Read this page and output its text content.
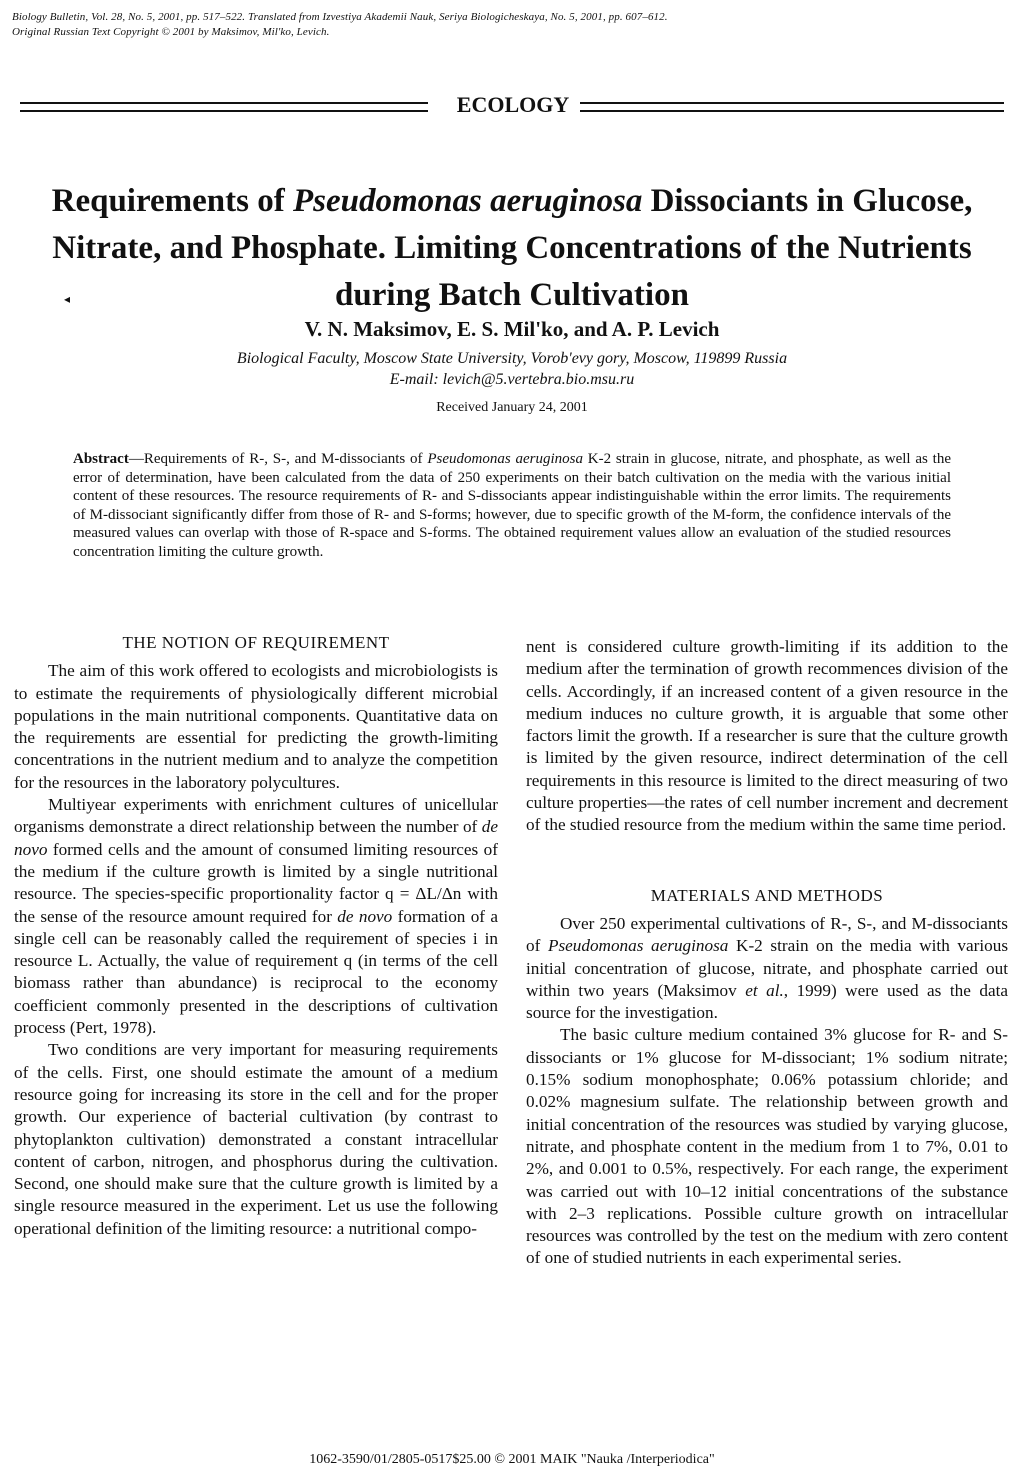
Biology Bulletin, Vol. 28, No. 5, 2001, pp. 517–522. Translated from Izvestiya Akademii Nauk, Seriya Biologicheskaya, No. 5, 2001, pp. 607–612.
Original Russian Text Copyright © 2001 by Maksimov, Mil'ko, Levich.
ECOLOGY
◂
Requirements of Pseudomonas aeruginosa Dissociants in Glucose, Nitrate, and Phosphate. Limiting Concentrations of the Nutrients during Batch Cultivation
V. N. Maksimov, E. S. Mil'ko, and A. P. Levich
Biological Faculty, Moscow State University, Vorob'evy gory, Moscow, 119899 Russia
E-mail: levich@5.vertebra.bio.msu.ru
Received January 24, 2001
Abstract—Requirements of R-, S-, and M-dissociants of Pseudomonas aeruginosa K-2 strain in glucose, nitrate, and phosphate, as well as the error of determination, have been calculated from the data of 250 experiments on their batch cultivation on the media with the various initial content of these resources. The resource requirements of R- and S-dissociants appear indistinguishable within the error limits. The requirements of M-dissociant significantly differ from those of R- and S-forms; however, due to specific growth of the M-form, the confidence intervals of the measured values can overlap with those of R-space and S-forms. The obtained requirement values allow an evaluation of the studied resources concentration limiting the culture growth.
THE NOTION OF REQUIREMENT

The aim of this work offered to ecologists and microbiologists is to estimate the requirements of physiologically different microbial populations in the main nutritional components. Quantitative data on the requirements are essential for predicting the growth-limiting concentrations in the nutrient medium and to analyze the competition for the resources in the laboratory polycultures.

Multiyear experiments with enrichment cultures of unicellular organisms demonstrate a direct relationship between the number of de novo formed cells and the amount of consumed limiting resources of the medium if the culture growth is limited by a single nutritional resource. The species-specific proportionality factor q = ΔL/Δn with the sense of the resource amount required for de novo formation of a single cell can be reasonably called the requirement of species i in resource L. Actually, the value of requirement q (in terms of the cell biomass rather than abundance) is reciprocal to the economy coefficient commonly presented in the descriptions of cultivation process (Pert, 1978).

Two conditions are very important for measuring requirements of the cells. First, one should estimate the amount of a medium resource going for increasing its store in the cell and for the proper growth. Our experience of bacterial cultivation (by contrast to phytoplankton cultivation) demonstrated a constant intracellular content of carbon, nitrogen, and phosphorus during the cultivation. Second, one should make sure that the culture growth is limited by a single resource measured in the experiment. Let us use the following operational definition of the limiting resource: a nutritional compo-

nent is considered culture growth-limiting if its addition to the medium after the termination of growth recommences division of the cells. Accordingly, if an increased content of a given resource in the medium induces no culture growth, it is arguable that some other factors limit the growth. If a researcher is sure that the culture growth is limited by the given resource, indirect determination of the cell requirements in this resource is limited to the direct measuring of two culture properties—the rates of cell number increment and decrement of the studied resource from the medium within the same time period.

MATERIALS AND METHODS

Over 250 experimental cultivations of R-, S-, and M-dissociants of Pseudomonas aeruginosa K-2 strain on the media with various initial concentration of glucose, nitrate, and phosphate carried out within two years (Maksimov et al., 1999) were used as the data source for the investigation.

The basic culture medium contained 3% glucose for R- and S-dissociants or 1% glucose for M-dissociant; 1% sodium nitrate; 0.15% sodium monophosphate; 0.06% potassium chloride; and 0.02% magnesium sulfate. The relationship between growth and initial concentration of the resources was studied by varying glucose, nitrate, and phosphate content in the medium from 1 to 7%, 0.01 to 2%, and 0.001 to 0.5%, respectively. For each range, the experiment was carried out with 10–12 initial concentrations of the substance with 2–3 replications. Possible culture growth on intracellular resources was controlled by the test on the medium with zero content of one of studied nutrients in each experimental series.

1062-3590/01/2805-0517$25.00 © 2001 MAIK "Nauka /Interperiodica"
